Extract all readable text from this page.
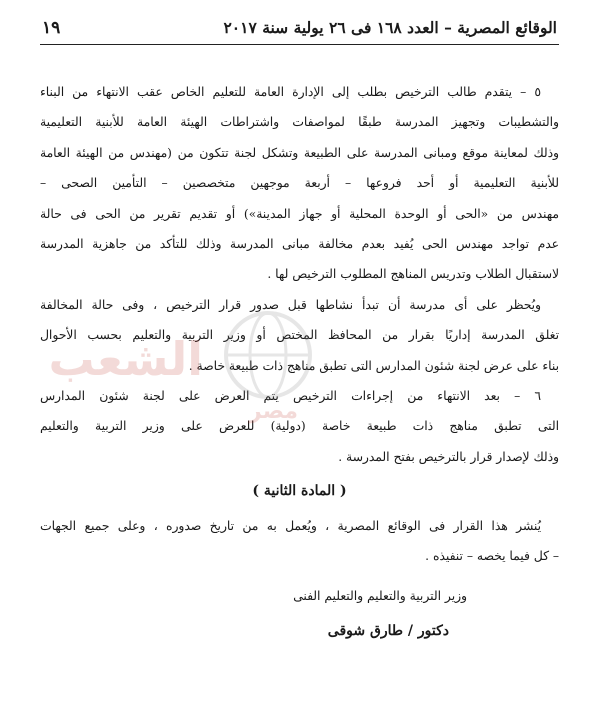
الوقائع المصرية – العدد ١٦٨ فى ٢٦ يولية سنة ٢٠١٧
١٩
٥ – يتقدم طالب الترخيص بطلب إلى الإدارة العامة للتعليم الخاص عقب الانتهاء من البناء
والتشطيبات وتجهيز المدرسة طبقًا لمواصفات واشتراطات الهيئة العامة للأبنية التعليمية
وذلك لمعاينة موقع ومبانى المدرسة على الطبيعة وتشكل لجنة تتكون من (مهندس من الهيئة العامة
للأبنية التعليمية أو أحد فروعها – أربعة موجهين متخصصين – التأمين الصحى –
مهندس من «الحى أو الوحدة المحلية أو جهاز المدينة») أو تقديم تقرير من الحى فى حالة
عدم تواجد مهندس الحى يُفيد بعدم مخالفة مبانى المدرسة وذلك للتأكد من جاهزية المدرسة
لاستقبال الطلاب وتدريس المناهج المطلوب الترخيص لها .
ويُحظر على أى مدرسة أن تبدأ نشاطها قبل صدور قرار الترخيص ، وفى حالة المخالفة
تغلق المدرسة إداريًا بقرار من المحافظ المختص أو وزير التربية والتعليم بحسب الأحوال
بناء على عرض لجنة شئون المدارس التى تطبق مناهج ذات طبيعة خاصة .
٦ – بعد الانتهاء من إجراءات الترخيص يتم العرض على لجنة شئون المدارس
التى تطبق مناهج ذات طبيعة خاصة (دولية) للعرض على وزير التربية والتعليم
وذلك لإصدار قرار بالترخيص بفتح المدرسة .
( المادة الثانية )
يُنشر هذا القرار فى الوقائع المصرية ، ويُعمل به من تاريخ صدوره ، وعلى جميع الجهات
– كل فيما يخصه – تنفيذه .
وزير التربية والتعليم والتعليم الفنى
دكتور / طارق شوقى
الشعب
مصر
